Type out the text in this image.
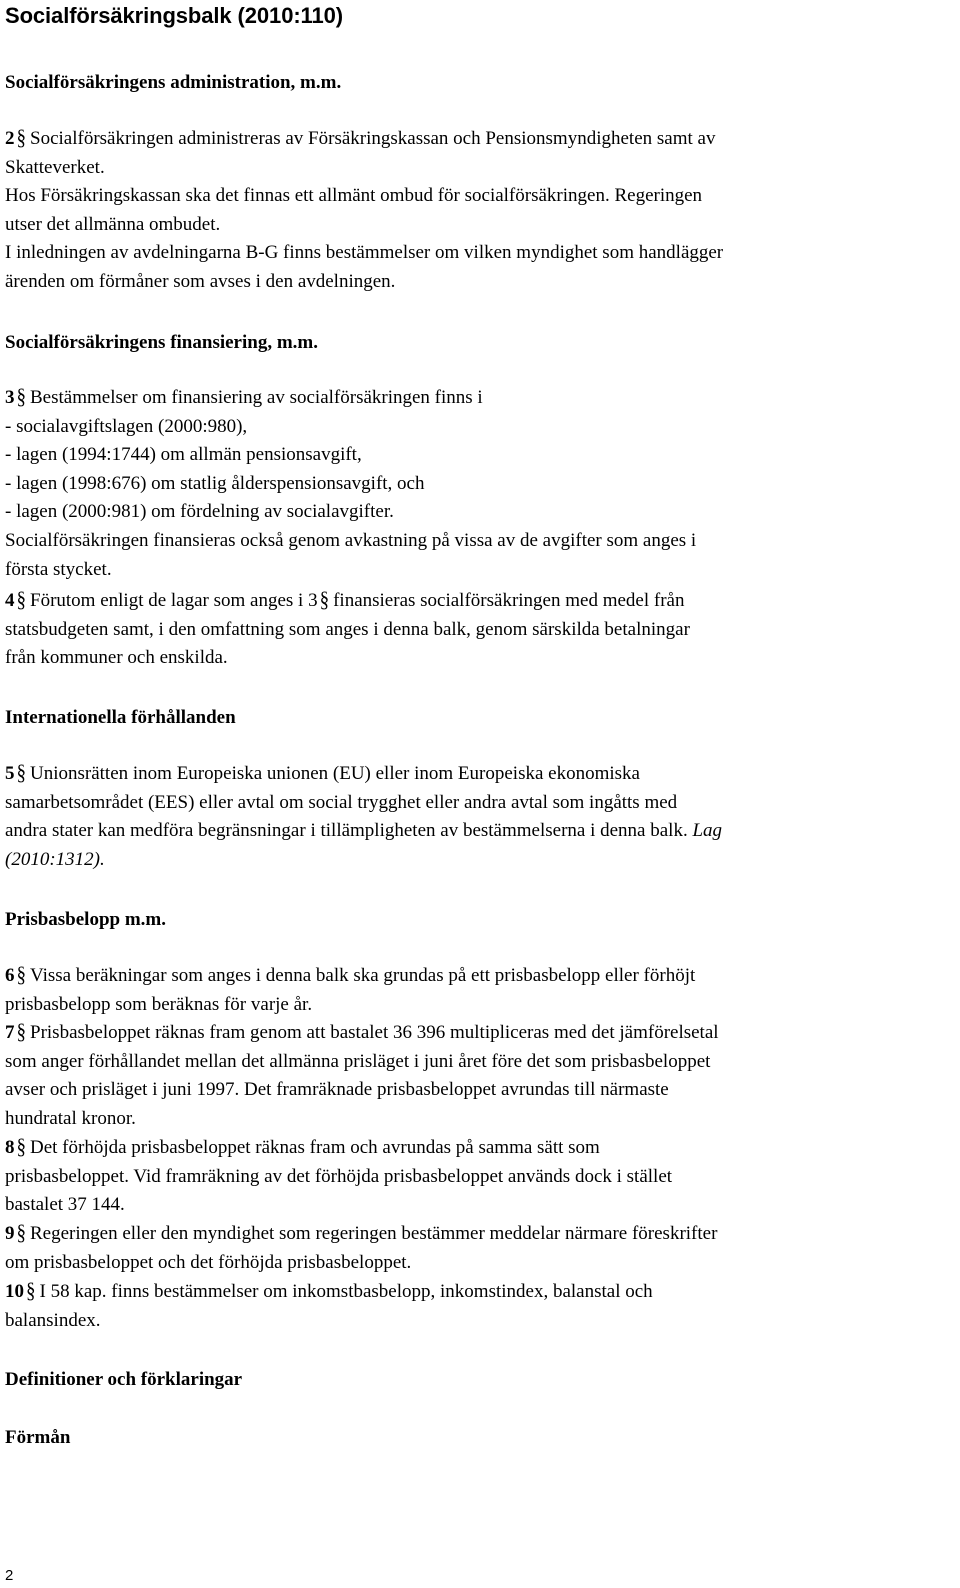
Socialförsäkringsbalk (2010:110)
Socialförsäkringens administration, m.m.
2 § Socialförsäkringen administreras av Försäkringskassan och Pensionsmyndigheten samt av
Skatteverket.
Hos Försäkringskassan ska det finnas ett allmänt ombud för socialförsäkringen. Regeringen
utser det allmänna ombudet.
I inledningen av avdelningarna B-G finns bestämmelser om vilken myndighet som handlägger
ärenden om förmåner som avses i den avdelningen.
Socialförsäkringens finansiering, m.m.
3 § Bestämmelser om finansiering av socialförsäkringen finns i
- socialavgiftslagen (2000:980),
- lagen (1994:1744) om allmän pensionsavgift,
- lagen (1998:676) om statlig ålderspensionsavgift, och
- lagen (2000:981) om fördelning av socialavgifter.
Socialförsäkringen finansieras också genom avkastning på vissa av de avgifter som anges i
första stycket.
4 § Förutom enligt de lagar som anges i 3 § finansieras socialförsäkringen med medel från
statsbudgeten samt, i den omfattning som anges i denna balk, genom särskilda betalningar
från kommuner och enskilda.
Internationella förhållanden
5 § Unionsrätten inom Europeiska unionen (EU) eller inom Europeiska ekonomiska
samarbetsområdet (EES) eller avtal om social trygghet eller andra avtal som ingåtts med
andra stater kan medföra begränsningar i tillämpligheten av bestämmelserna i denna balk. Lag
(2010:1312).
Prisbasbelopp m.m.
6 § Vissa beräkningar som anges i denna balk ska grundas på ett prisbasbelopp eller förhöjt
prisbasbelopp som beräknas för varje år.
7 § Prisbasbeloppet räknas fram genom att bastalet 36 396 multipliceras med det jämförelsetal
som anger förhållandet mellan det allmänna prisläget i juni året före det som prisbasbeloppet
avser och prisläget i juni 1997. Det framräknade prisbasbeloppet avrundas till närmaste
hundratal kronor.
8 § Det förhöjda prisbasbeloppet räknas fram och avrundas på samma sätt som
prisbasbeloppet. Vid framräkning av det förhöjda prisbasbeloppet används dock i stället
bastalet 37 144.
9 § Regeringen eller den myndighet som regeringen bestämmer meddelar närmare föreskrifter
om prisbasbeloppet och det förhöjda prisbasbeloppet.
10 § I 58 kap. finns bestämmelser om inkomstbasbelopp, inkomstindex, balanstal och
balansindex.
Definitioner och förklaringar
Förmån
2
